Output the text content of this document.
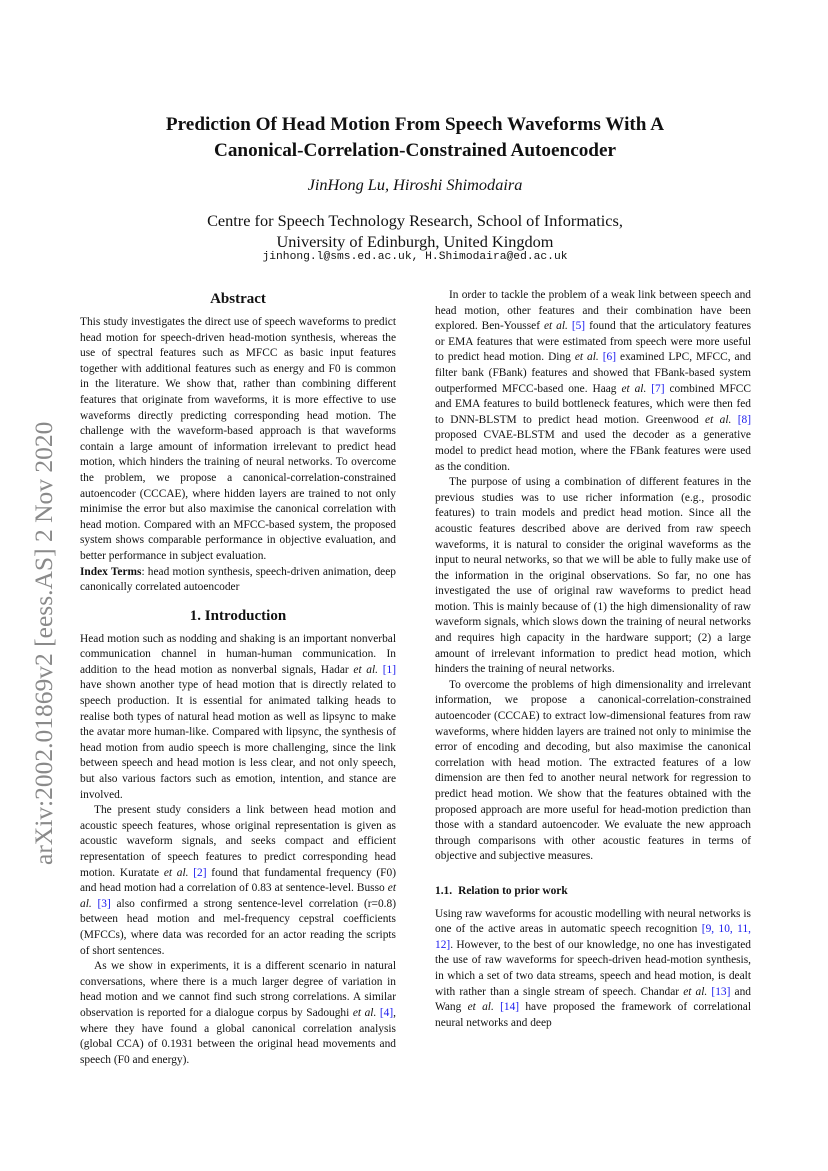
arXiv:2002.01869v2 [eess.AS] 2 Nov 2020
Prediction Of Head Motion From Speech Waveforms With A
Canonical-Correlation-Constrained Autoencoder
JinHong Lu, Hiroshi Shimodaira
Centre for Speech Technology Research, School of Informatics,
University of Edinburgh, United Kingdom
jinhong.l@sms.ed.ac.uk, H.Shimodaira@ed.ac.uk
Abstract

This study investigates the direct use of speech waveforms to predict head motion for speech-driven head-motion synthesis, whereas the use of spectral features such as MFCC as basic input features together with additional features such as energy and F0 is common in the literature. We show that, rather than combining different features that originate from waveforms, it is more effective to use waveforms directly predicting corresponding head motion. The challenge with the waveform-based approach is that waveforms contain a large amount of information irrelevant to predict head motion, which hinders the training of neural networks. To overcome the problem, we propose a canonical-correlation-constrained autoencoder (CCCAE), where hidden layers are trained to not only minimise the error but also maximise the canonical correlation with head motion. Compared with an MFCC-based system, the proposed system shows comparable performance in objective evaluation, and better performance in subject evaluation.

Index Terms: head motion synthesis, speech-driven animation, deep canonically correlated autoencoder

1. Introduction

Head motion such as nodding and shaking is an important nonverbal communication channel in human-human communication. In addition to the head motion as nonverbal signals, Hadar et al. [1] have shown another type of head motion that is directly related to speech production. It is essential for animated talking heads to realise both types of natural head motion as well as lipsync to make the avatar more human-like. Compared with lipsync, the synthesis of head motion from audio speech is more challenging, since the link between speech and head motion is less clear, and not only speech, but also various factors such as emotion, intention, and stance are involved.

The present study considers a link between head motion and acoustic speech features, whose original representation is given as acoustic waveform signals, and seeks compact and efficient representation of speech features to predict corresponding head motion. Kuratate et al. [2] found that fundamental frequency (F0) and head motion had a correlation of 0.83 at sentence-level. Busso et al. [3] also confirmed a strong sentence-level correlation (r=0.8) between head motion and mel-frequency cepstral coefficients (MFCCs), where data was recorded for an actor reading the scripts of short sentences.

As we show in experiments, it is a different scenario in natural conversations, where there is a much larger degree of variation in head motion and we cannot find such strong correlations. A similar observation is reported for a dialogue corpus by Sadoughi et al. [4], where they have found a global canonical correlation analysis (global CCA) of 0.1931 between the original head movements and speech (F0 and energy).

In order to tackle the problem of a weak link between speech and head motion, other features and their combination have been explored. Ben-Youssef et al. [5] found that the articulatory features or EMA features that were estimated from speech were more useful to predict head motion. Ding et al. [6] examined LPC, MFCC, and filter bank (FBank) features and showed that FBank-based system outperformed MFCC-based one. Haag et al. [7] combined MFCC and EMA features to build bottleneck features, which were then fed to DNN-BLSTM to predict head motion. Greenwood et al. [8] proposed CVAE-BLSTM and used the decoder as a generative model to predict head motion, where the FBank features were used as the condition.

The purpose of using a combination of different features in the previous studies was to use richer information (e.g., prosodic features) to train models and predict head motion. Since all the acoustic features described above are derived from raw speech waveforms, it is natural to consider the original waveforms as the input to neural networks, so that we will be able to fully make use of the information in the original observations. So far, no one has investigated the use of original raw waveforms to predict head motion. This is mainly because of (1) the high dimensionality of raw waveform signals, which slows down the training of neural networks and requires high capacity in the hardware support; (2) a large amount of irrelevant information to predict head motion, which hinders the training of neural networks.

To overcome the problems of high dimensionality and irrelevant information, we propose a canonical-correlation-constrained autoencoder (CCCAE) to extract low-dimensional features from raw waveforms, where hidden layers are trained not only to minimise the error of encoding and decoding, but also maximise the canonical correlation with head motion. The extracted features of a low dimension are then fed to another neural network for regression to predict head motion. We show that the features obtained with the proposed approach are more useful for head-motion prediction than those with a standard autoencoder. We evaluate the new approach through comparisons with other acoustic features in terms of objective and subjective measures.

1.1. Relation to prior work

Using raw waveforms for acoustic modelling with neural networks is one of the active areas in automatic speech recognition [9, 10, 11, 12]. However, to the best of our knowledge, no one has investigated the use of raw waveforms for speech-driven head-motion synthesis, in which a set of two data streams, speech and head motion, is dealt with rather than a single stream of speech. Chandar et al. [13] and Wang et al. [14] have proposed the framework of correlational neural networks and deep
